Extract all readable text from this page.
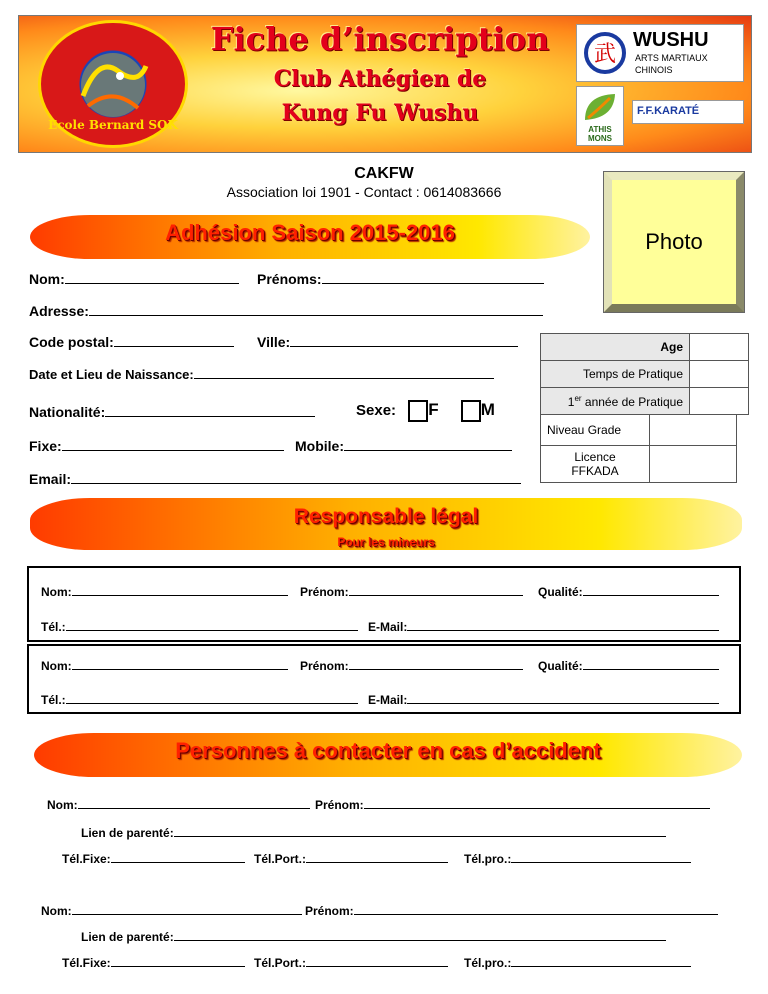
Ecole Bernard SOK
Fiche d’inscription
Club Athégien de
Kung Fu Wushu
武
WUSHU
ARTS MARTIAUX
CHINOIS
ATHIS MONS
F.F.KARATÉ
CAKFW
Association loi 1901 - Contact : 0614083666
Photo
Adhésion Saison 2015-2016
Nom:	Prénoms:
Adresse:
Code postal:	Ville:
Date et Lieu de Naissance:
Nationalité:	Sexe: F M
Fixe:	Mobile:
Email:
Age	
Temps de Pratique	
1er année de Pratique	
Niveau Grade	
Licence
FFKADA	
Responsable légal
Pour les mineurs
Nom:	Prénom:	Qualité:
Tél.:	E-Mail:
Nom:	Prénom:	Qualité:
Tél.:	E-Mail:
Personnes à contacter en cas d’accident
Nom:	Prénom:
Lien de parenté:
Tél.Fixe:	Tél.Port.:	Tél.pro.:
Nom:	Prénom:
Lien de parenté:
Tél.Fixe:	Tél.Port.:	Tél.pro.:
